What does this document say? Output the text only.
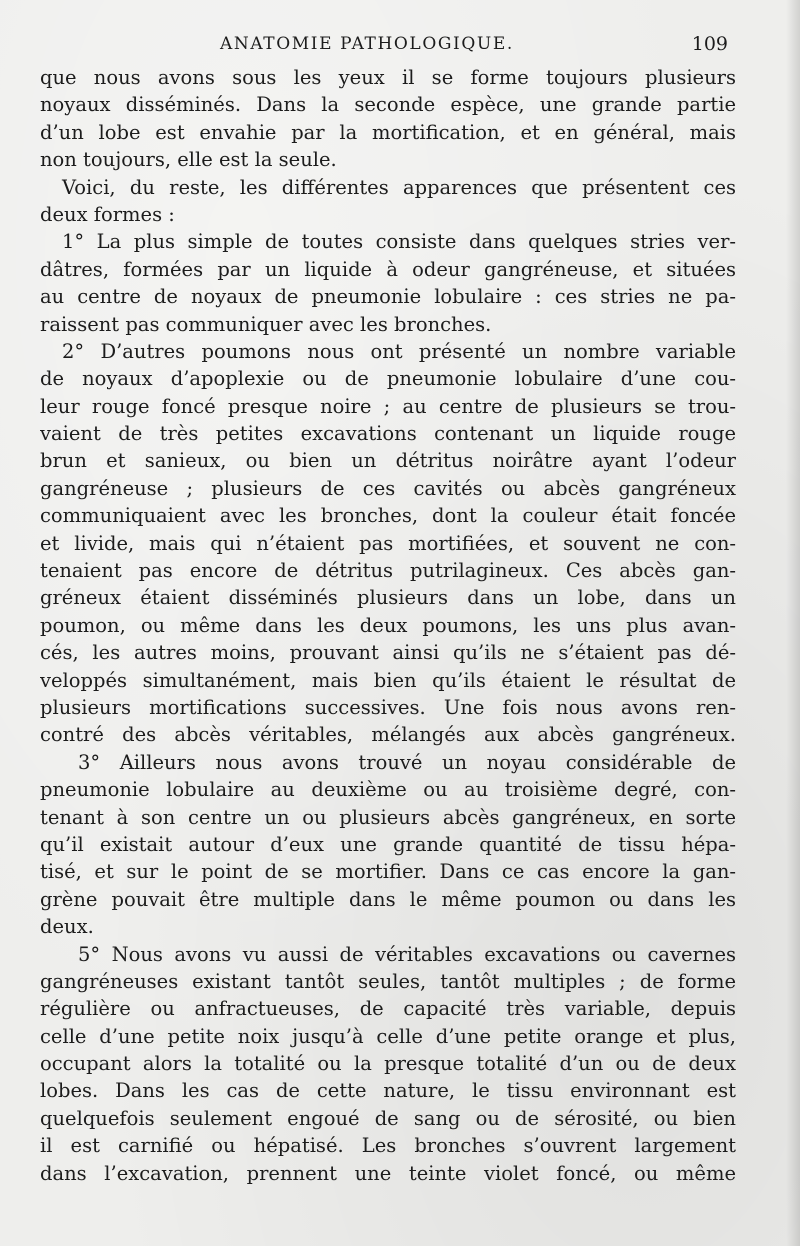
ANATOMIE PATHOLOGIQUE.	109
que nous avons sous les yeux il se forme toujours plusieurs
noyaux disséminés. Dans la seconde espèce, une grande partie
d’un lobe est envahie par la mortification, et en général, mais
non toujours, elle est la seule.
Voici, du reste, les différentes apparences que présentent ces
deux formes :
1° La plus simple de toutes consiste dans quelques stries ver-
dâtres, formées par un liquide à odeur gangréneuse, et situées
au centre de noyaux de pneumonie lobulaire : ces stries ne pa-
raissent pas communiquer avec les bronches.
2° D’autres poumons nous ont présenté un nombre variable
de noyaux d’apoplexie ou de pneumonie lobulaire d’une cou-
leur rouge foncé presque noire ; au centre de plusieurs se trou-
vaient de très petites excavations contenant un liquide rouge
brun et sanieux, ou bien un détritus noirâtre ayant l’odeur
gangréneuse ; plusieurs de ces cavités ou abcès gangréneux
communiquaient avec les bronches, dont la couleur était foncée
et livide, mais qui n’étaient pas mortifiées, et souvent ne con-
tenaient pas encore de détritus putrilagineux. Ces abcès gan-
gréneux étaient disséminés plusieurs dans un lobe, dans un
poumon, ou même dans les deux poumons, les uns plus avan-
cés, les autres moins, prouvant ainsi qu’ils ne s’étaient pas dé-
veloppés simultanément, mais bien qu’ils étaient le résultat de
plusieurs mortifications successives. Une fois nous avons ren-
contré des abcès véritables, mélangés aux abcès gangréneux.
3° Ailleurs nous avons trouvé un noyau considérable de
pneumonie lobulaire au deuxième ou au troisième degré, con-
tenant à son centre un ou plusieurs abcès gangréneux, en sorte
qu’il existait autour d’eux une grande quantité de tissu hépa-
tisé, et sur le point de se mortifier. Dans ce cas encore la gan-
grène pouvait être multiple dans le même poumon ou dans les
deux.
5° Nous avons vu aussi de véritables excavations ou cavernes
gangréneuses existant tantôt seules, tantôt multiples ; de forme
régulière ou anfractueuses, de capacité très variable, depuis
celle d’une petite noix jusqu’à celle d’une petite orange et plus,
occupant alors la totalité ou la presque totalité d’un ou de deux
lobes. Dans les cas de cette nature, le tissu environnant est
quelquefois seulement engoué de sang ou de sérosité, ou bien
il est carnifié ou hépatisé. Les bronches s’ouvrent largement
dans l’excavation, prennent une teinte violet foncé, ou même
